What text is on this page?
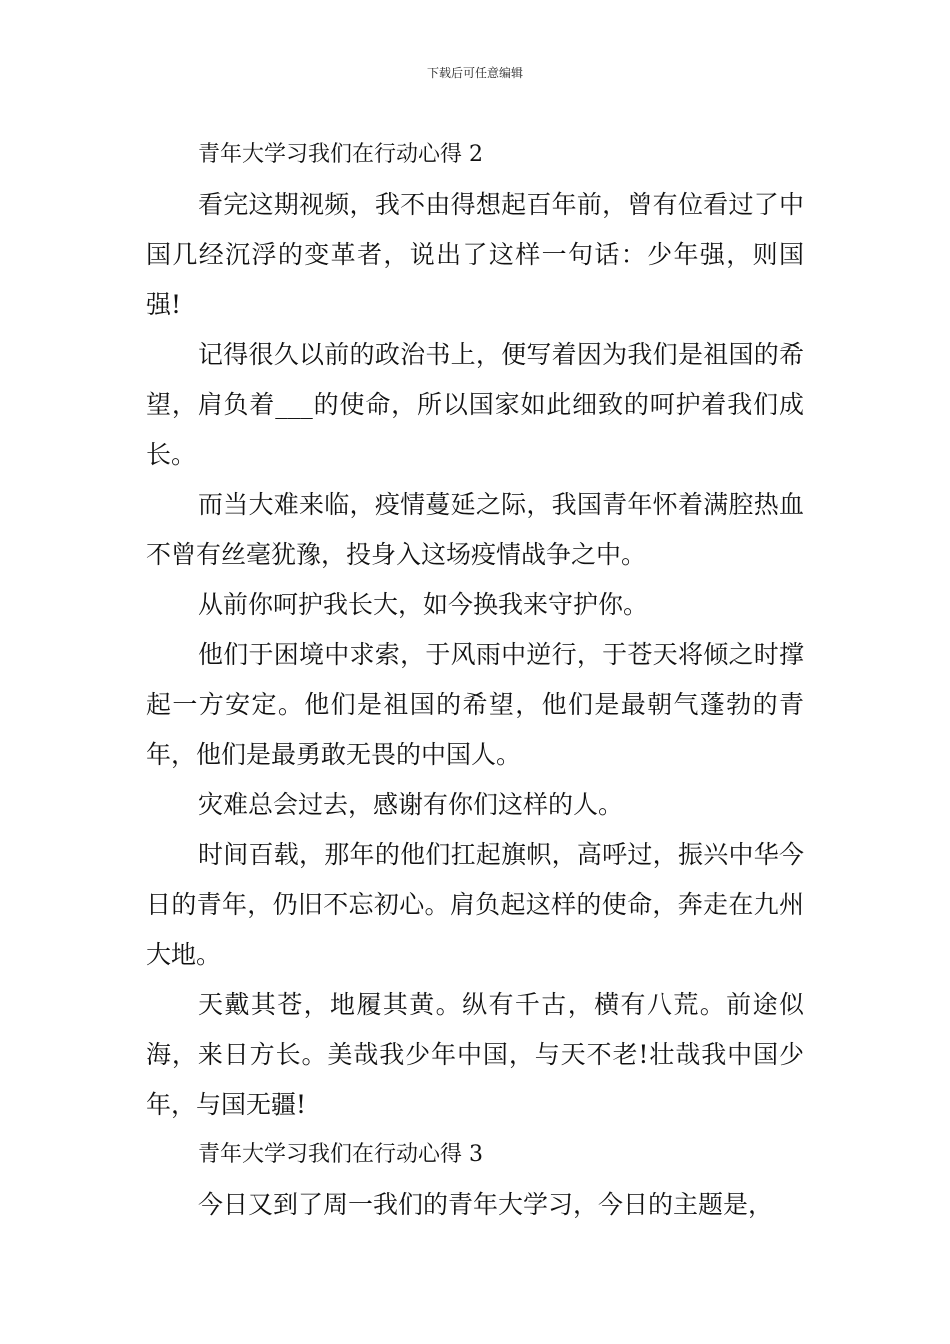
下载后可任意编辑

青年大学习我们在行动心得 2

看完这期视频，我不由得想起百年前，曾有位看过了中国几经沉浮的变革者，说出了这样一句话：少年强，则国强!

记得很久以前的政治书上，便写着因为我们是祖国的希望，肩负着___的使命，所以国家如此细致的呵护着我们成长。

而当大难来临，疫情蔓延之际，我国青年怀着满腔热血不曾有丝毫犹豫，投身入这场疫情战争之中。

从前你呵护我长大，如今换我来守护你。

他们于困境中求索，于风雨中逆行，于苍天将倾之时撑起一方安定。他们是祖国的希望，他们是最朝气蓬勃的青年，他们是最勇敢无畏的中国人。

灾难总会过去，感谢有你们这样的人。

时间百载，那年的他们扛起旗帜，高呼过，振兴中华今日的青年，仍旧不忘初心。肩负起这样的使命，奔走在九州大地。

天戴其苍，地履其黄。纵有千古，横有八荒。前途似海，来日方长。美哉我少年中国，与天不老!壮哉我中国少年，与国无疆!

青年大学习我们在行动心得 3

今日又到了周一我们的青年大学习，今日的主题是，
